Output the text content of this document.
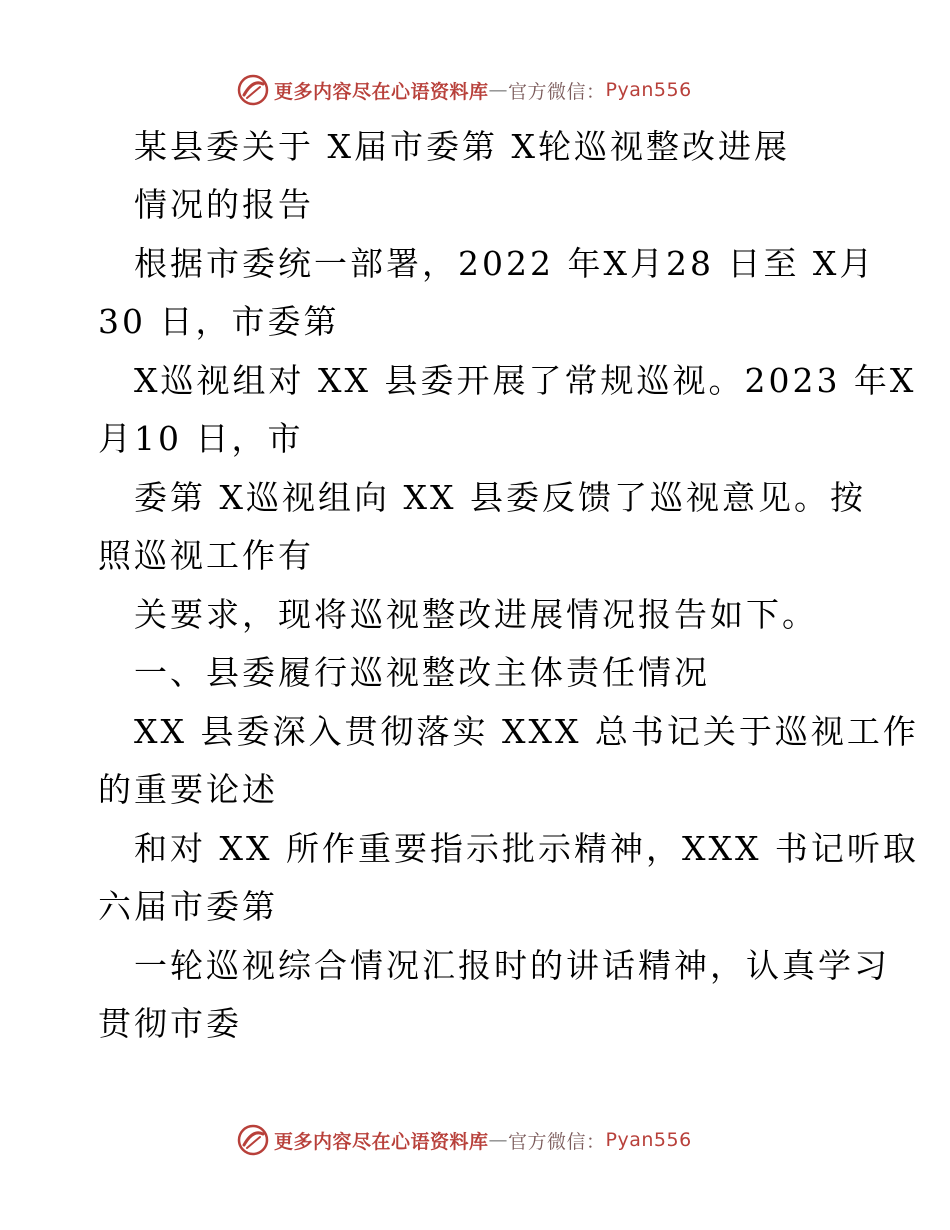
更多内容尽在心语资料库 — 官方微信： Pyan556
某县委关于 X届市委第 X轮巡视整改进展
情况的报告
根据市委统一部署，2022 年X月28 日至 X月
30 日，市委第
X巡视组对 XX 县委开展了常规巡视。2023 年X
月10 日，市
委第 X巡视组向 XX 县委反馈了巡视意见。按
照巡视工作有
关要求，现将巡视整改进展情况报告如下。
一、县委履行巡视整改主体责任情况
XX 县委深入贯彻落实 XXX 总书记关于巡视工作
的重要论述
和对 XX 所作重要指示批示精神，XXX 书记听取
六届市委第
一轮巡视综合情况汇报时的讲话精神，认真学习
贯彻市委
更多内容尽在心语资料库 — 官方微信： Pyan556
